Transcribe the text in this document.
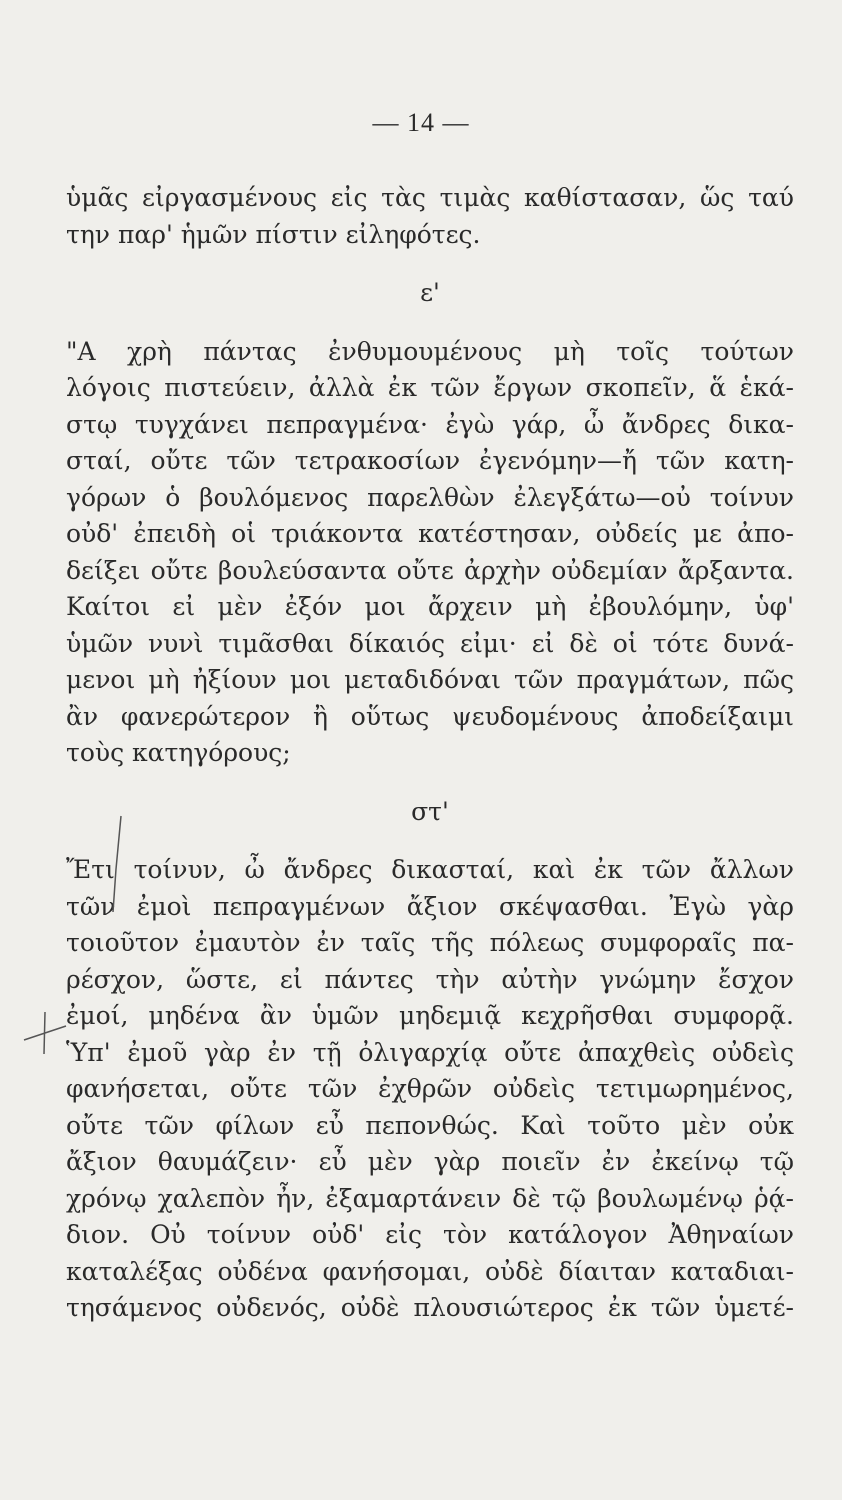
— 14 —
ὑμᾶς εἰργασμένους εἰς τὰς τιμὰς καθίστασαν, ὥς ταύ
την παρ' ἡμῶν πίστιν εἰληφότες.
ε'
"Α χρὴ πάντας ἐνθυμουμένους μὴ τοῖς τούτων
λόγοις πιστεύειν, ἀλλὰ ἐκ τῶν ἔργων σκοπεῖν, ἅ ἑκά-
στῳ τυγχάνει πεπραγμένα· ἐγὼ γάρ, ὦ ἄνδρες δικα-
σταί, οὔτε τῶν τετρακοσίων ἐγενόμην—ἤ τῶν κατη-
γόρων ὁ βουλόμενος παρελθὼν ἐλεγξάτω—οὐ τοίνυν
οὐδ' ἐπειδὴ οἱ τριάκοντα κατέστησαν, οὐδείς με ἀπο-
δείξει οὔτε βουλεύσαντα οὔτε ἀρχὴν οὐδεμίαν ἄρξαντα.
Καίτοι εἰ μὲν ἐξόν μοι ἄρχειν μὴ ἐβουλόμην, ὑφ'
ὑμῶν νυνὶ τιμᾶσθαι δίκαιός εἰμι· εἰ δὲ οἱ τότε δυνά-
μενοι μὴ ἠξίουν μοι μεταδιδόναι τῶν πραγμάτων, πῶς
ἂν φανερώτερον ἢ οὕτως ψευδομένους ἀποδείξαιμι
τοὺς κατηγόρους;
στ'
Ἔτι τοίνυν, ὦ ἄνδρες δικασταί, καὶ ἐκ τῶν ἄλλων
τῶν ἐμοὶ πεπραγμένων ἄξιον σκέψασθαι. Ἐγὼ γὰρ
τοιοῦτον ἐμαυτὸν ἐν ταῖς τῆς πόλεως συμφοραῖς πα-
ρέσχον, ὥστε, εἰ πάντες τὴν αὐτὴν γνώμην ἔσχον
ἐμοί, μηδένα ἂν ὑμῶν μηδεμιᾷ κεχρῆσθαι συμφορᾷ.
Ὑπ' ἐμοῦ γὰρ ἐν τῇ ὀλιγαρχίᾳ οὔτε ἀπαχθεὶς οὐδεὶς
φανήσεται, οὔτε τῶν ἐχθρῶν οὐδεὶς τετιμωρημένος,
οὔτε τῶν φίλων εὖ πεπονθώς. Καὶ τοῦτο μὲν οὐκ
ἄξιον θαυμάζειν· εὖ μὲν γὰρ ποιεῖν ἐν ἐκείνῳ τῷ
χρόνῳ χαλεπὸν ἦν, ἐξαμαρτάνειν δὲ τῷ βουλωμένῳ ῥᾴ-
διον. Οὐ τοίνυν οὐδ' εἰς τὸν κατάλογον Ἀθηναίων
καταλέξας οὐδένα φανήσομαι, οὐδὲ δίαιταν καταδιαι-
τησάμενος οὐδενός, οὐδὲ πλουσιώτερος ἐκ τῶν ὑμετέ-
